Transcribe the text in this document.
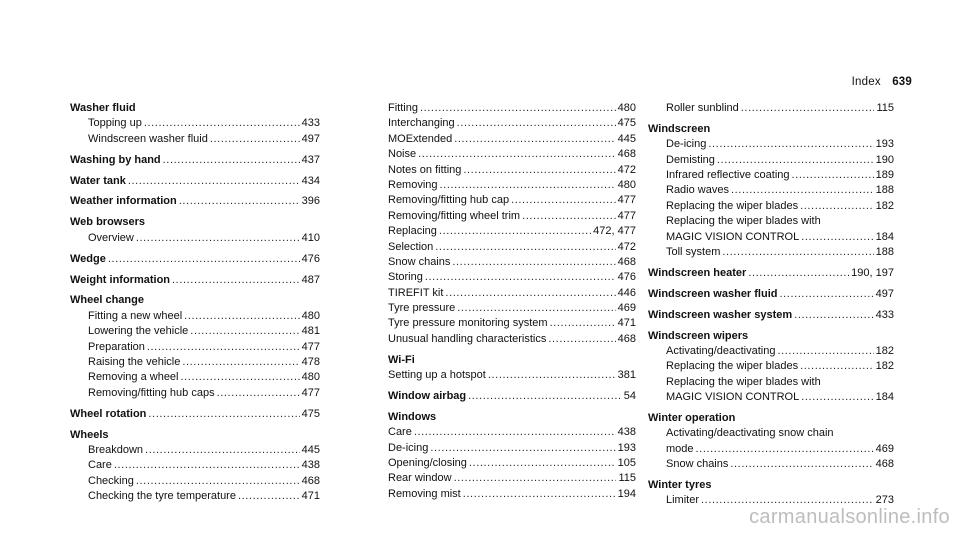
Index 639
Washer fluid
Topping up .....	433
Windscreen washer fluid .....	497
Washing by hand .....	437
Water tank .....	434
Weather information .....	396
Web browsers
Overview .....	410
Wedge .....	476
Weight information .....	487
Wheel change
Fitting a new wheel .....	480
Lowering the vehicle .....	481
Preparation .....	477
Raising the vehicle .....	478
Removing a wheel .....	480
Removing/fitting hub caps .....	477
Wheel rotation .....	475
Wheels
Breakdown .....	445
Care .....	438
Checking .....	468
Checking the tyre temperature .....	471
Fitting .....	480
Interchanging .....	475
MOExtended .....	445
Noise .....	468
Notes on fitting .....	472
Removing .....	480
Removing/fitting hub cap .....	477
Removing/fitting wheel trim .....	477
Replacing .....	472, 477
Selection .....	472
Snow chains .....	468
Storing .....	476
TIREFIT kit .....	446
Tyre pressure .....	469
Tyre pressure monitoring system .....	471
Unusual handling characteristics .....	468
Wi-Fi
Setting up a hotspot .....	381
Window airbag .....	54
Windows
Care .....	438
De-icing .....	193
Opening/closing .....	105
Rear window .....	115
Removing mist .....	194
Roller sunblind .....	115
Windscreen
De-icing .....	193
Demisting .....	190
Infrared reflective coating .....	189
Radio waves .....	188
Replacing the wiper blades .....	182
Replacing the wiper blades with
MAGIC VISION CONTROL .....	184
Toll system .....	188
Windscreen heater .....	190, 197
Windscreen washer fluid .....	497
Windscreen washer system .....	433
Windscreen wipers
Activating/deactivating .....	182
Replacing the wiper blades .....	182
Replacing the wiper blades with
MAGIC VISION CONTROL .....	184
Winter operation
Activating/deactivating snow chain
mode .....	469
Snow chains .....	468
Winter tyres
Limiter .....	273
carmanualsonline.info
